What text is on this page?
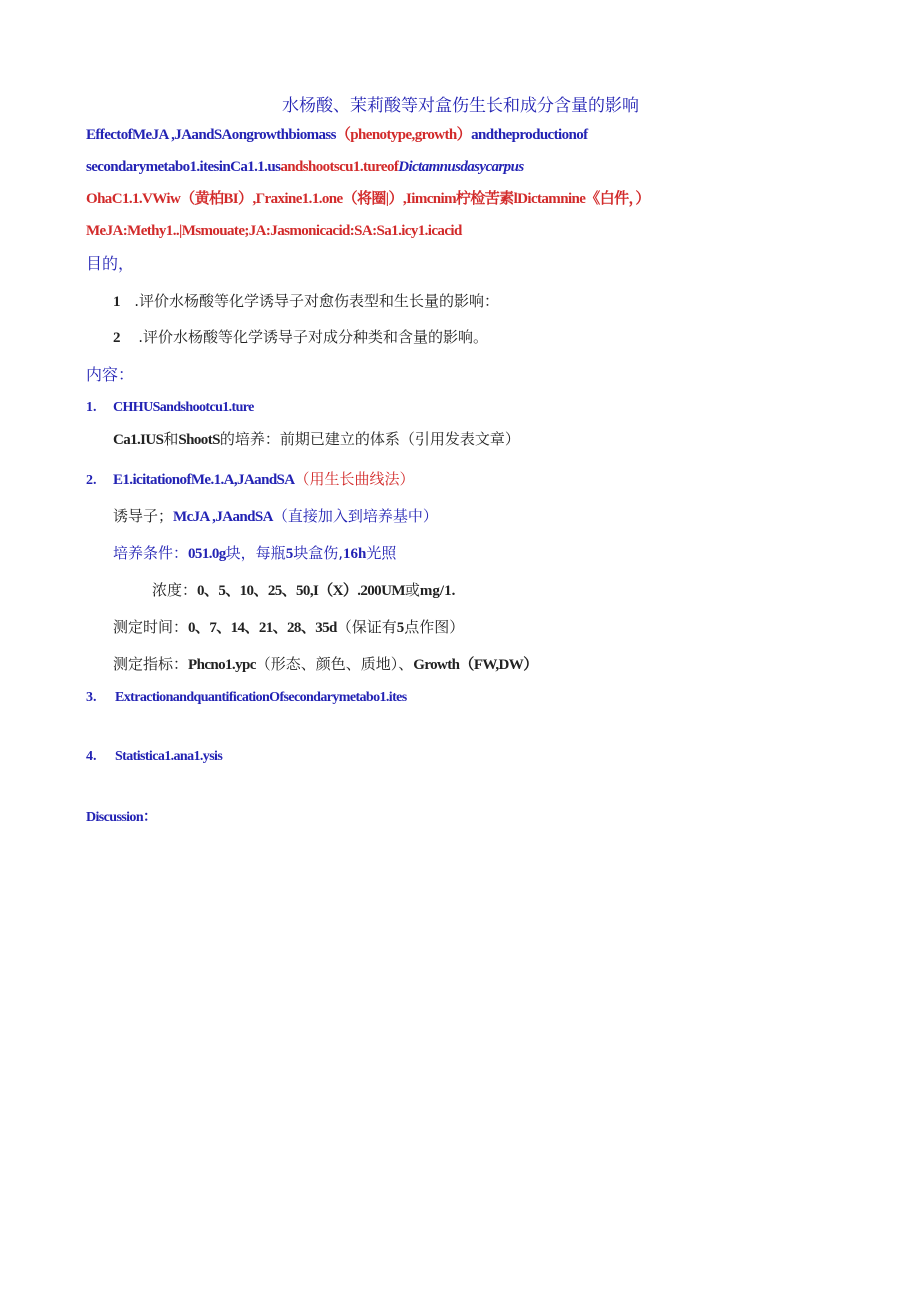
水杨酸、茉莉酸等对盒伤生长和成分含量的影响
EffectofMeJA ,JAandSAongrowthbiomass（phenotype,growth）andtheproductionof
secondarymetabo1.itesinCa1.1.usandshootscu1.tureofDictamnusdasycarpus
OhaC1.1.VWiw（黄柏BI）,Γraxine1.1.one（将圈|）,Iimcnim柠检苦素lDictamnine《白件，）
MeJA:Methy1..|Msmouate;JA:Jasmonicacid:SA:Sa1.icy1.icacid
目的，
1 .评价水杨酸等化学诱导子对愈伤表型和生长量的影响：
2 .评价水杨酸等化学诱导子对成分种类和含量的影响。
内容：
1. CHHUSandshootcu1.ture
Ca1.IUS和ShootS的培养：前期已建立的体系（引用发表文章）
2. E1.icitationofMe.1.A,JAandSA（用生长曲线法）
诱导子；McJA ,JAandSA（直接加入到培养基中）
培养条件：051.0g块，每瓶5块盒伤,16h光照
浓度：0、5、10、25、50,I（X）.200UM或mg/1.
测定时间：0、7、14、21、28、35d（保证有5点作图）
测定指标：Phcno1.ypc（形态、颜色、质地）、Growth（FW,DW）
3. ExtractionandquantificationOfsecondarymetabo1.ites
4. Statistica1.ana1.ysis
Discussion：
